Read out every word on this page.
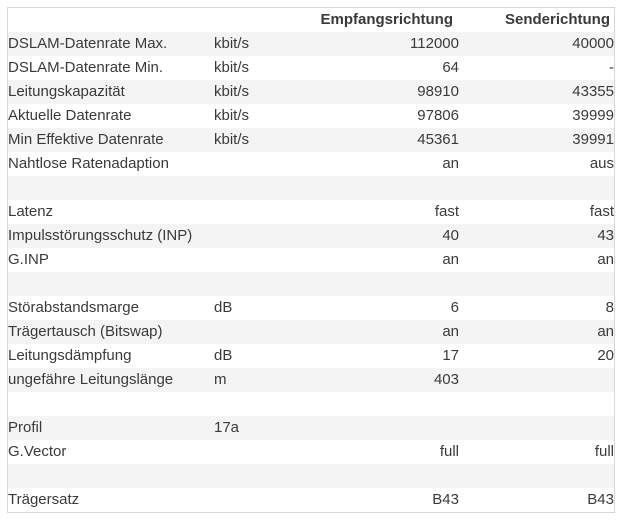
		Empfangsrichtung	Senderichtung
DSLAM-Datenrate Max.	kbit/s	112000	40000
DSLAM-Datenrate Min.	kbit/s	64	-
Leitungskapazität	kbit/s	98910	43355
Aktuelle Datenrate	kbit/s	97806	39999
Min Effektive Datenrate	kbit/s	45361	39991
Nahtlose Ratenadaption		an	aus

Latenz		fast	fast
Impulsstörungsschutz (INP)		40	43
G.INP		an	an

Störabstandsmarge	dB	6	8
Trägertausch (Bitswap)		an	an
Leitungsdämpfung	dB	17	20
ungefähre Leitungslänge	m	403	

Profil	17a		
G.Vector		full	full

Trägersatz		B43	B43
